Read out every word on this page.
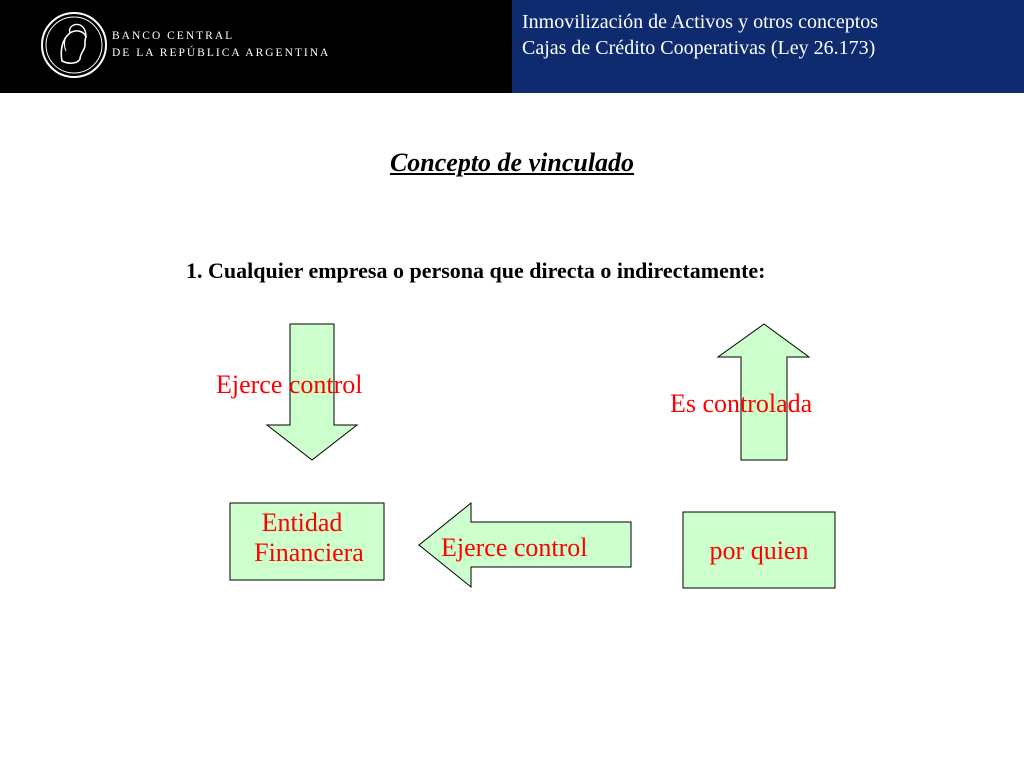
BANCO CENTRAL
DE LA REPÚBLICA ARGENTINA
Inmovilización de Activos y otros conceptos
Cajas de Crédito Cooperativas (Ley 26.173)
Concepto de vinculado
1. Cualquier empresa o persona que directa o indirectamente:
Ejerce control
Es controlada
Ejerce control
Entidad
Financiera	por quien
